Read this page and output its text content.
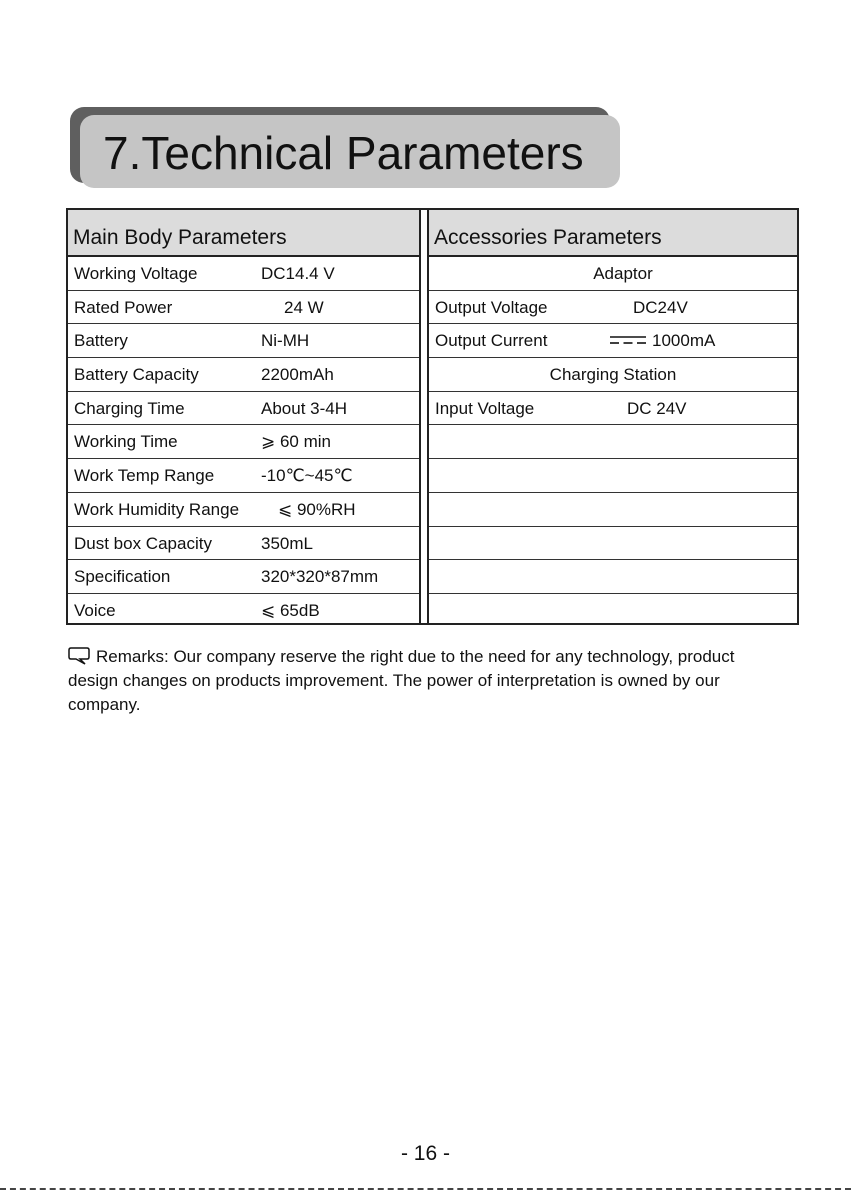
7.Technical Parameters
Main Body Parameters
Working Voltage	DC14.4 V
Rated Power	24 W
Battery	Ni-MH
Battery Capacity	2200mAh
Charging Time	About 3-4H
Working Time	⩾ 60 min
Work Temp Range	-10℃~45℃
Work Humidity Range ⩽ 90%RH
Dust box Capacity	350mL
Specification	320*320*87mm
Voice	⩽ 65dB
Accessories Parameters
Adaptor
Output Voltage	DC24V
Output Current	1000mA
Charging Station
Input Voltage	DC 24V
Remarks: Our company reserve the right due to the need for any technology, product design changes on products improvement. The power of interpretation is owned by our company.
- 16 -
